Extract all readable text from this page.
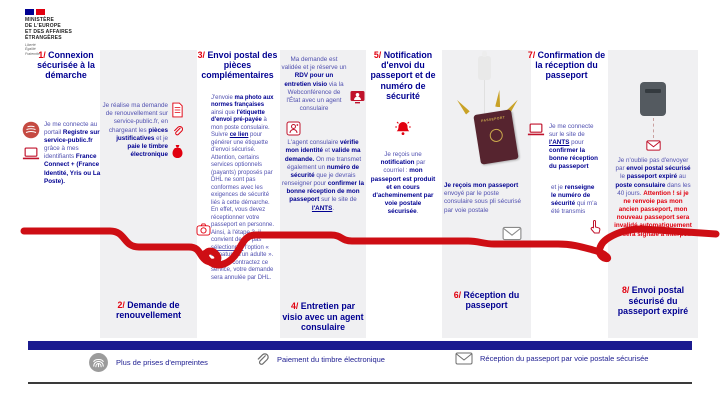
MINISTÈRE
DE L'EUROPE
ET DES AFFAIRES
ÉTRANGÈRES
Liberté
Égalité
Fraternité
1/ Connexion sécurisée à la démarche
Je me connecte au portail Registre sur service-public.fr grâce à mes identifiants France Connect + (France Identité, Yris ou La Poste).
Je réalise ma demande de renouvellement sur service-public.fr, en chargeant les pièces justificatives et je paie le timbre électronique
2/ Demande de renouvellement
3/ Envoi postal des pièces complémentaires
J'envoie ma photo aux normes françaises ainsi que l'étiquette d'envoi pré-payée à mon poste consulaire. Suivre ce lien pour générer une étiquette d'envoi sécurisé. Attention, certains services optionnels (payants) proposés par DHL ne sont pas conformes avec les exigences de sécurité liés à cette démarche. En effet, vous devez réceptionner votre passeport en personne. Ainsi, à l'étape 3, il convient de ne pas sélectionner l'option « signature d'un adulte ». Si vous contractez ce service, votre demande sera annulée par DHL.
Ma demande est validée et je réserve un RDV pour un entretien visio via la Webconférence de l'État avec un agent consulaire
L'agent consulaire vérifie mon identité et valide ma demande. On me transmet également un numéro de sécurité que je devrais renseigner pour confirmer la bonne réception de mon passeport sur le site de l'ANTS.
4/ Entretien par visio avec un agent consulaire
5/ Notification d'envoi du passeport et de numéro de sécurité
Je reçois une notification par courriel : mon passeport est produit et en cours d'acheminement par voie postale sécurisée.
PASSEPORT
Je reçois mon passeport envoyé par le poste consulaire sous pli sécurisé par voie postale
6/ Réception du passeport
7/ Confirmation de la réception du passeport
Je me connecte sur le site de l'ANTS pour confirmer la bonne réception du passeport
et je renseigne le numéro de sécurité qui m'a été transmis
Je n'oublie pas d'envoyer par envoi postal sécurisé le passeport expiré au poste consulaire dans les 40 jours. Attention ! si je ne renvoie pas mon ancien passeport, mon nouveau passeport sera invalidé automatiquement et sera signalé à Interpol.
8/ Envoi postal sécurisé du passeport expiré
Plus de prises d'empreintes	Paiement du timbre électronique	Réception du passeport par voie postale sécurisée
